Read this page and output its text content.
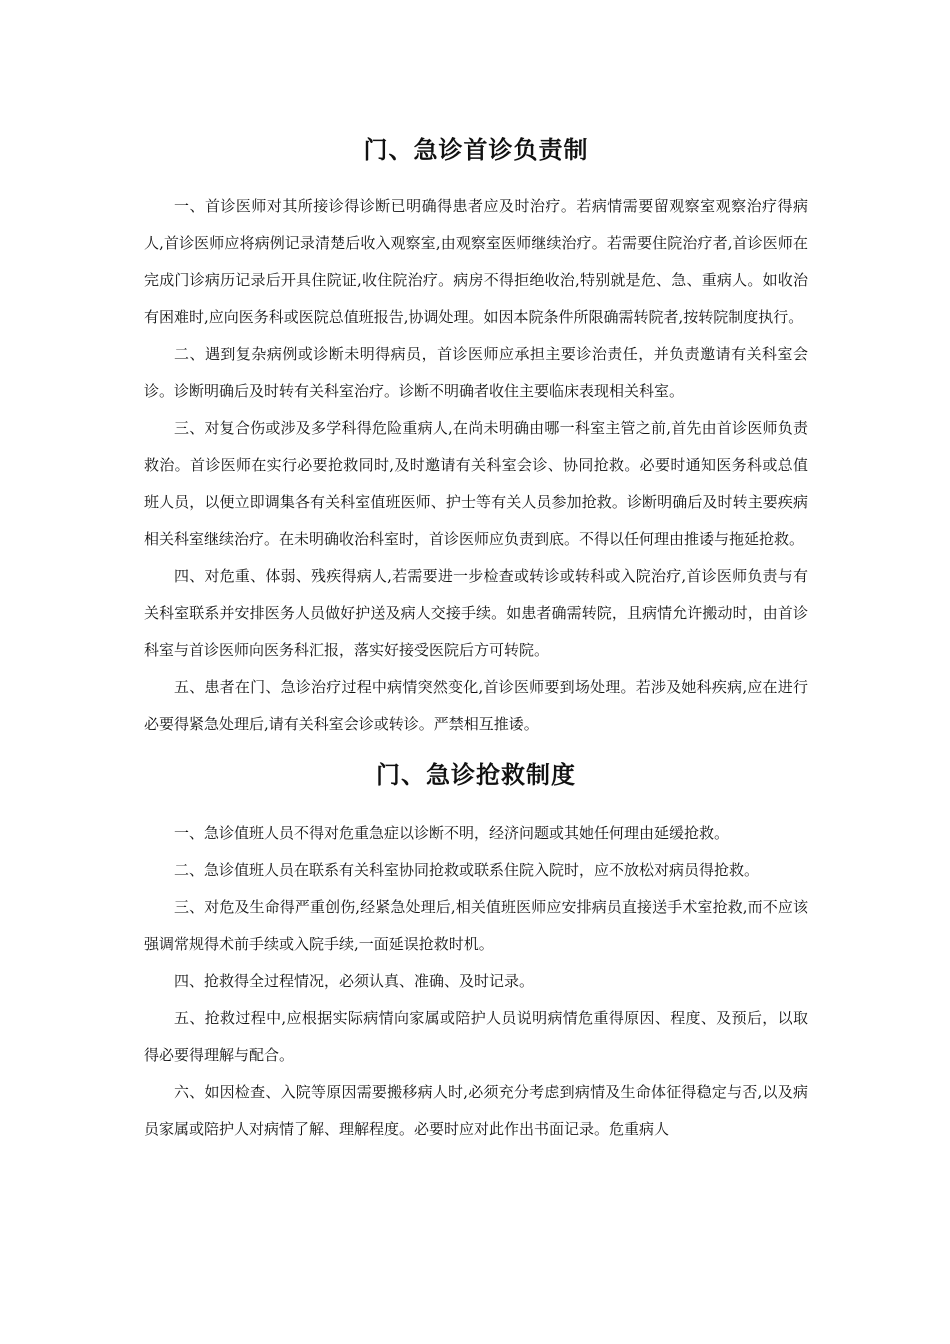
门、急诊首诊负责制

一、首诊医师对其所接诊得诊断已明确得患者应及时治疗。若病情需要留观察室观察治疗得病人,首诊医师应将病例记录清楚后收入观察室,由观察室医师继续治疗。若需要住院治疗者,首诊医师在完成门诊病历记录后开具住院证,收住院治疗。病房不得拒绝收治,特别就是危、急、重病人。如收治有困难时,应向医务科或医院总值班报告,协调处理。如因本院条件所限确需转院者,按转院制度执行。

二、遇到复杂病例或诊断未明得病员，首诊医师应承担主要诊治责任，并负责邀请有关科室会诊。诊断明确后及时转有关科室治疗。诊断不明确者收住主要临床表现相关科室。

三、对复合伤或涉及多学科得危险重病人,在尚未明确由哪一科室主管之前,首先由首诊医师负责救治。首诊医师在实行必要抢救同时,及时邀请有关科室会诊、协同抢救。必要时通知医务科或总值班人员，以便立即调集各有关科室值班医师、护士等有关人员参加抢救。诊断明确后及时转主要疾病相关科室继续治疗。在未明确收治科室时，首诊医师应负责到底。不得以任何理由推诿与拖延抢救。

四、对危重、体弱、残疾得病人,若需要进一步检查或转诊或转科或入院治疗,首诊医师负责与有关科室联系并安排医务人员做好护送及病人交接手续。如患者确需转院，且病情允许搬动时，由首诊科室与首诊医师向医务科汇报，落实好接受医院后方可转院。

五、患者在门、急诊治疗过程中病情突然变化,首诊医师要到场处理。若涉及她科疾病,应在进行必要得紧急处理后,请有关科室会诊或转诊。严禁相互推诿。

门、急诊抢救制度

一、急诊值班人员不得对危重急症以诊断不明，经济问题或其她任何理由延缓抢救。

二、急诊值班人员在联系有关科室协同抢救或联系住院入院时，应不放松对病员得抢救。

三、对危及生命得严重创伤,经紧急处理后,相关值班医师应安排病员直接送手术室抢救,而不应该强调常规得术前手续或入院手续,一面延误抢救时机。

四、抢救得全过程情况，必须认真、准确、及时记录。

五、抢救过程中,应根据实际病情向家属或陪护人员说明病情危重得原因、程度、及预后，以取得必要得理解与配合。

六、如因检查、入院等原因需要搬移病人时,必须充分考虑到病情及生命体征得稳定与否,以及病员家属或陪护人对病情了解、理解程度。必要时应对此作出书面记录。危重病人
